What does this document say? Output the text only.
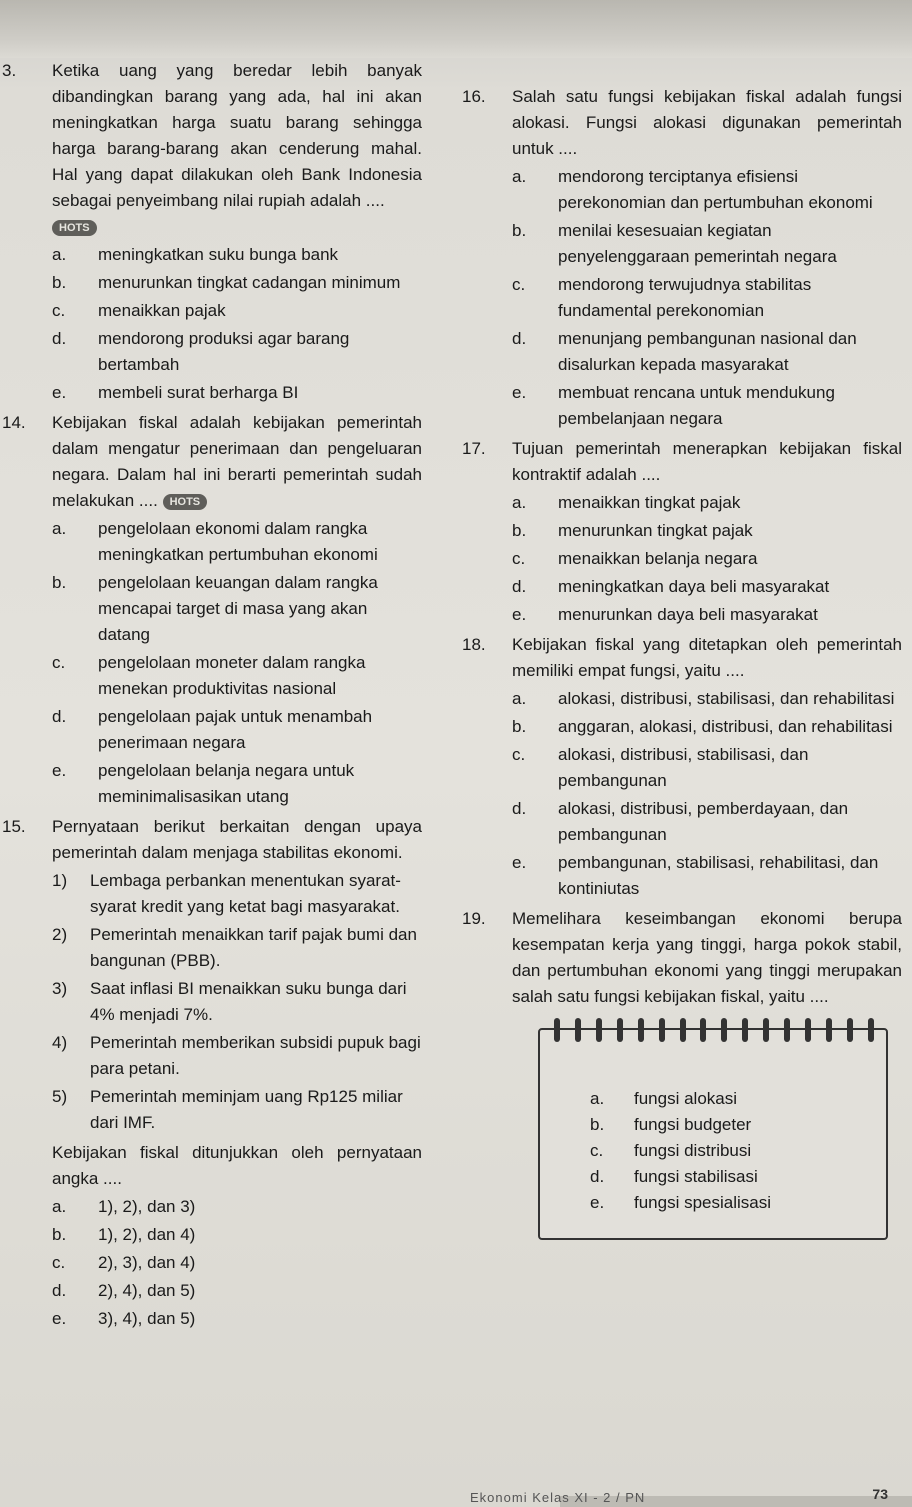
3.	Ketika uang yang beredar lebih banyak dibandingkan barang yang ada, hal ini akan meningkatkan harga suatu barang sehingga harga barang-barang akan cenderung mahal. Hal yang dapat dilakukan oleh Bank Indonesia sebagai penyeimbang nilai rupiah adalah ....
HOTS
a.	meningkatkan suku bunga bank
b.	menurunkan tingkat cadangan minimum
c.	menaikkan pajak
d.	mendorong produksi agar barang bertambah
e.	membeli surat berharga BI
14.	Kebijakan fiskal adalah kebijakan pemerintah dalam mengatur penerimaan dan pengeluaran negara. Dalam hal ini berarti pemerintah sudah melakukan .... HOTS
a.	pengelolaan ekonomi dalam rangka meningkatkan pertumbuhan ekonomi
b.	pengelolaan keuangan dalam rangka mencapai target di masa yang akan datang
c.	pengelolaan moneter dalam rangka menekan produktivitas nasional
d.	pengelolaan pajak untuk menambah penerimaan negara
e.	pengelolaan belanja negara untuk meminimalisasikan utang
15.	Pernyataan berikut berkaitan dengan upaya pemerintah dalam menjaga stabilitas ekonomi.
1) Lembaga perbankan menentukan syarat-syarat kredit yang ketat bagi masyarakat.
2) Pemerintah menaikkan tarif pajak bumi dan bangunan (PBB).
3) Saat inflasi BI menaikkan suku bunga dari 4% menjadi 7%.
4) Pemerintah memberikan subsidi pupuk bagi para petani.
5) Pemerintah meminjam uang Rp125 miliar dari IMF.
Kebijakan fiskal ditunjukkan oleh pernyataan angka ....
a.	1), 2), dan 3)
b.	1), 2), dan 4)
c.	2), 3), dan 4)
d.	2), 4), dan 5)
e.	3), 4), dan 5)
16.	Salah satu fungsi kebijakan fiskal adalah fungsi alokasi. Fungsi alokasi digunakan pemerintah untuk ....
a.	mendorong terciptanya efisiensi perekonomian dan pertumbuhan ekonomi
b.	menilai kesesuaian kegiatan penyelenggaraan pemerintah negara
c.	mendorong terwujudnya stabilitas fundamental perekonomian
d.	menunjang pembangunan nasional dan disalurkan kepada masyarakat
e.	membuat rencana untuk mendukung pembelanjaan negara
17.	Tujuan pemerintah menerapkan kebijakan fiskal kontraktif adalah ....
a.	menaikkan tingkat pajak
b.	menurunkan tingkat pajak
c.	menaikkan belanja negara
d.	meningkatkan daya beli masyarakat
e.	menurunkan daya beli masyarakat
18.	Kebijakan fiskal yang ditetapkan oleh pemerintah memiliki empat fungsi, yaitu ....
a.	alokasi, distribusi, stabilisasi, dan rehabilitasi
b.	anggaran, alokasi, distribusi, dan rehabilitasi
c.	alokasi, distribusi, stabilisasi, dan pembangunan
d.	alokasi, distribusi, pemberdayaan, dan pembangunan
e.	pembangunan, stabilisasi, rehabilitasi, dan kontiniutas
19.	Memelihara keseimbangan ekonomi berupa kesempatan kerja yang tinggi, harga pokok stabil, dan pertumbuhan ekonomi yang tinggi merupakan salah satu fungsi kebijakan fiskal, yaitu ....
a. fungsi alokasi
b. fungsi budgeter
c. fungsi distribusi
d. fungsi stabilisasi
e. fungsi spesialisasi
Ekonomi Kelas XI - 2 / PN	73
